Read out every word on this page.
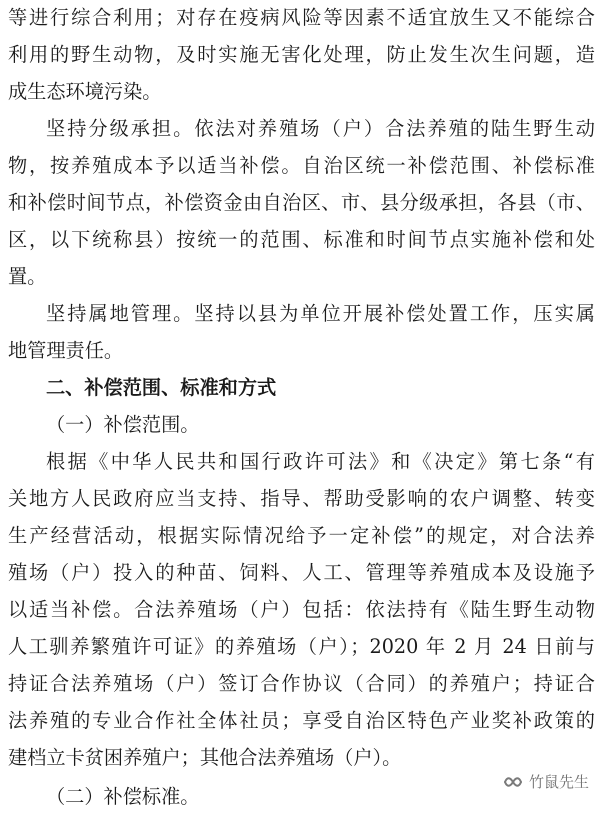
等进行综合利用；对存在疫病风险等因素不适宜放生又不能综合
利用的野生动物，及时实施无害化处理，防止发生次生问题，造
成生态环境污染。
坚持分级承担。依法对养殖场（户）合法养殖的陆生野生动
物，按养殖成本予以适当补偿。自治区统一补偿范围、补偿标准
和补偿时间节点，补偿资金由自治区、市、县分级承担，各县（市、
区，以下统称县）按统一的范围、标准和时间节点实施补偿和处
置。
坚持属地管理。坚持以县为单位开展补偿处置工作，压实属
地管理责任。
二、补偿范围、标准和方式
（一）补偿范围。
根据《中华人民共和国行政许可法》和《决定》第七条“有
关地方人民政府应当支持、指导、帮助受影响的农户调整、转变
生产经营活动，根据实际情况给予一定补偿”的规定，对合法养
殖场（户）投入的种苗、饲料、人工、管理等养殖成本及设施予
以适当补偿。合法养殖场（户）包括：依法持有《陆生野生动物
人工驯养繁殖许可证》的养殖场（户）；2020 年 2 月 24 日前与
持证合法养殖场（户）签订合作协议（合同）的养殖户；持证合
法养殖的专业合作社全体社员；享受自治区特色产业奖补政策的
建档立卡贫困养殖户；其他合法养殖场（户）。
（二）补偿标准。
竹鼠先生
